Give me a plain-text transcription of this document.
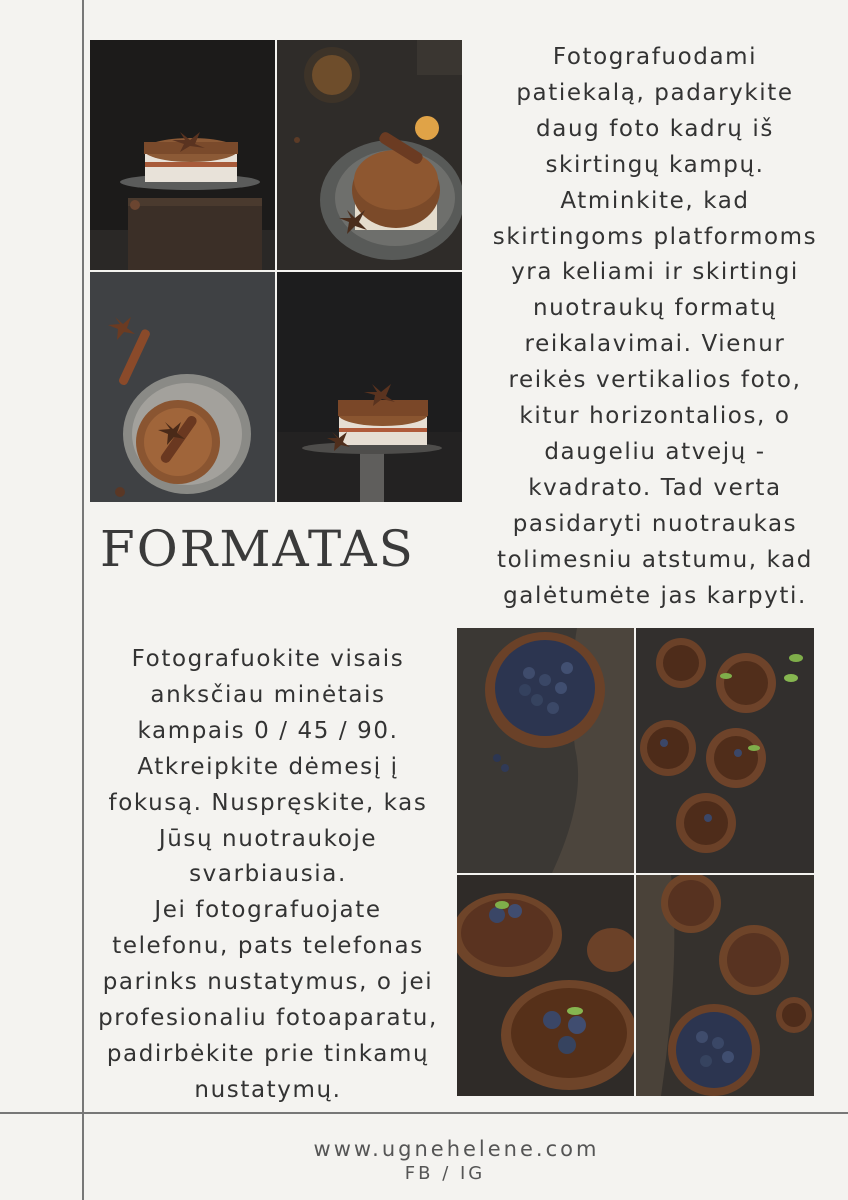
Fotografuodami
patiekalą, padarykite
daug foto kadrų iš
skirtingų kampų.
Atminkite, kad
skirtingoms platformoms
yra keliami ir skirtingi
nuotraukų formatų
reikalavimai. Vienur
reikės vertikalios foto,
kitur horizontalios, o
daugeliu atvejų -
kvadrato. Tad verta
pasidaryti nuotraukas
tolimesniu atstumu, kad
galėtumėte jas karpyti.
FORMATAS
Fotografuokite visais
anksčiau minėtais
kampais 0 / 45 / 90.
Atkreipkite dėmesį į
fokusą. Nuspręskite, kas
Jūsų nuotraukoje
svarbiausia.
Jei fotografuojate
telefonu, pats telefonas
parinks nustatymus, o jei
profesionaliu fotoaparatu,
padirbėkite prie tinkamų
nustatymų.
www.ugnehelene.com
FB / IG
